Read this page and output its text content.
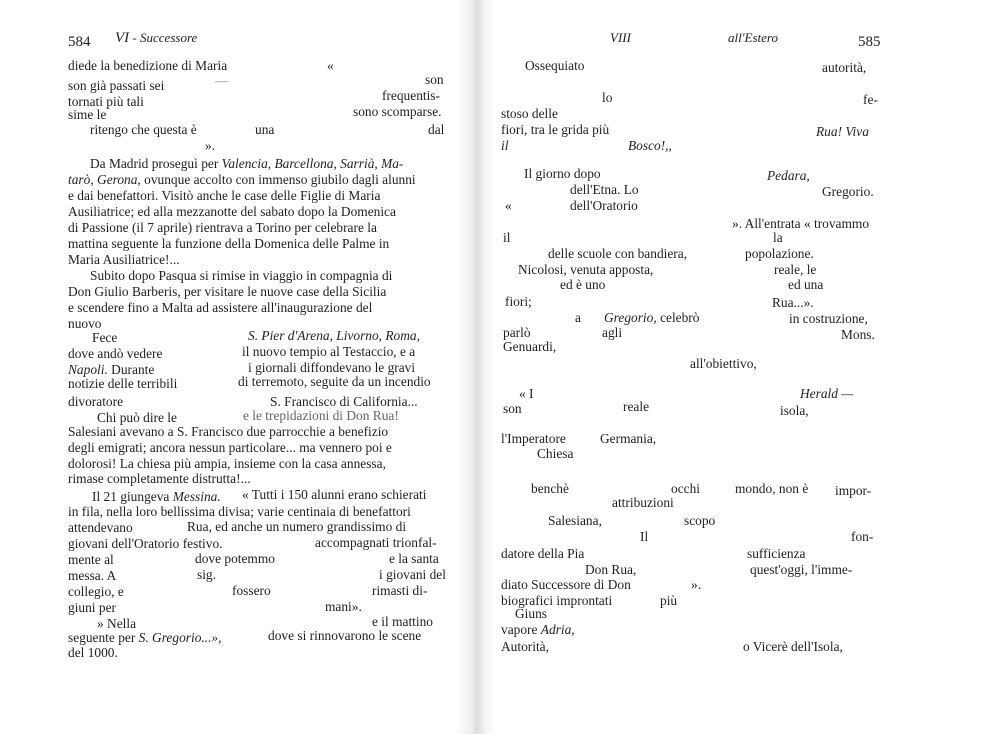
584 VI - Successore
diede la benedizione di Maria	«
son
son già passati sei	—
frequentis-
tornati più tali
sime le	sono scomparse.
ritengo che questa è	una	dal
».
Da Madrid proseguì per Valencia, Barcellona, Sarrià, Ma-
tarò, Gerona, ovunque accolto con immenso giubilo dagli alunni
e dai benefattori. Visitò anche le case delle Figlie di Maria
Ausiliatrice; ed alla mezzanotte del sabato dopo la Domenica
di Passione (il 7 aprile) rientrava a Torino per celebrare la
mattina seguente la funzione della Domenica delle Palme in
Maria Ausiliatrice!...
Subito dopo Pasqua si rimise in viaggio in compagnia di
Don Giulio Barberis, per visitare le nuove case della Sicilia
e scendere fino a Malta ad assistere all'inaugurazione del
nuovo
Fece	S. Pier d'Arena, Livorno, Roma,
dove andò vedere	il nuovo tempio al Testaccio, e a
Napoli. Durante	i giornali diffondevano le gravi
notizie delle terribili	di terremoto, seguite da un incendio
divoratore	S. Francisco di California...
Chi può dire le	e le trepidazioni di Don Rua!
Salesiani avevano a S. Francisco due parrocchie a benefizio
degli emigrati; ancora nessun particolare... ma vennero poi e
dolorosi! La chiesa più ampia, insieme con la casa annessa,
rimase completamente distrutta!...
Il 21 giungeva Messina. « Tutti i 150 alunni erano schierati
in fila, nella loro bellissima divisa; varie centinaia di benefattori
attendevano	Rua, ed anche un numero grandissimo di
giovani dell'Oratorio festivo.	accompagnati trionfal-
mente al	dove potemmo	e la santa
messa. A	sig.	i giovani del
collegio, e	fossero	rimasti di-
giuni per	mani».
» Nella	e il mattino
seguente per S. Gregorio...»,	dove si rinnovarono le scene
del 1000.
VIII	all'Estero	585
Ossequiato	autorità,
lo	fe-
stoso delle
fiori, tra le grida più	Rua! Viva
il	Bosco!,,
Il giorno dopo	Pedara,
dell'Etna. Lo	Gregorio.
«	dell'Oratorio
». All'entrata « trovammo
il	la
delle scuole con bandiera,	popolazione.
Nicolosi, venuta apposta,	reale, le
ed è uno	ed una
fiori;	Rua...».
a Gregorio, celebrò	in costruzione,
parlò	agli	Mons.
Genuardi,
all'obiettivo,
« I	Herald —
son	reale	isola,
l'Imperatore	Germania,
Chiesa
benchè	occhi	mondo, non è impor-
attribuzioni
Salesiana,	scopo
Il	fon-
datore della Pia	sufficienza
Don Rua,	quest'oggi, l'imme-
diato Successore di Don	».
biografici improntati	più
Giuns
vapore Adria,
Autorità,	o Vicerè dell'Isola,
